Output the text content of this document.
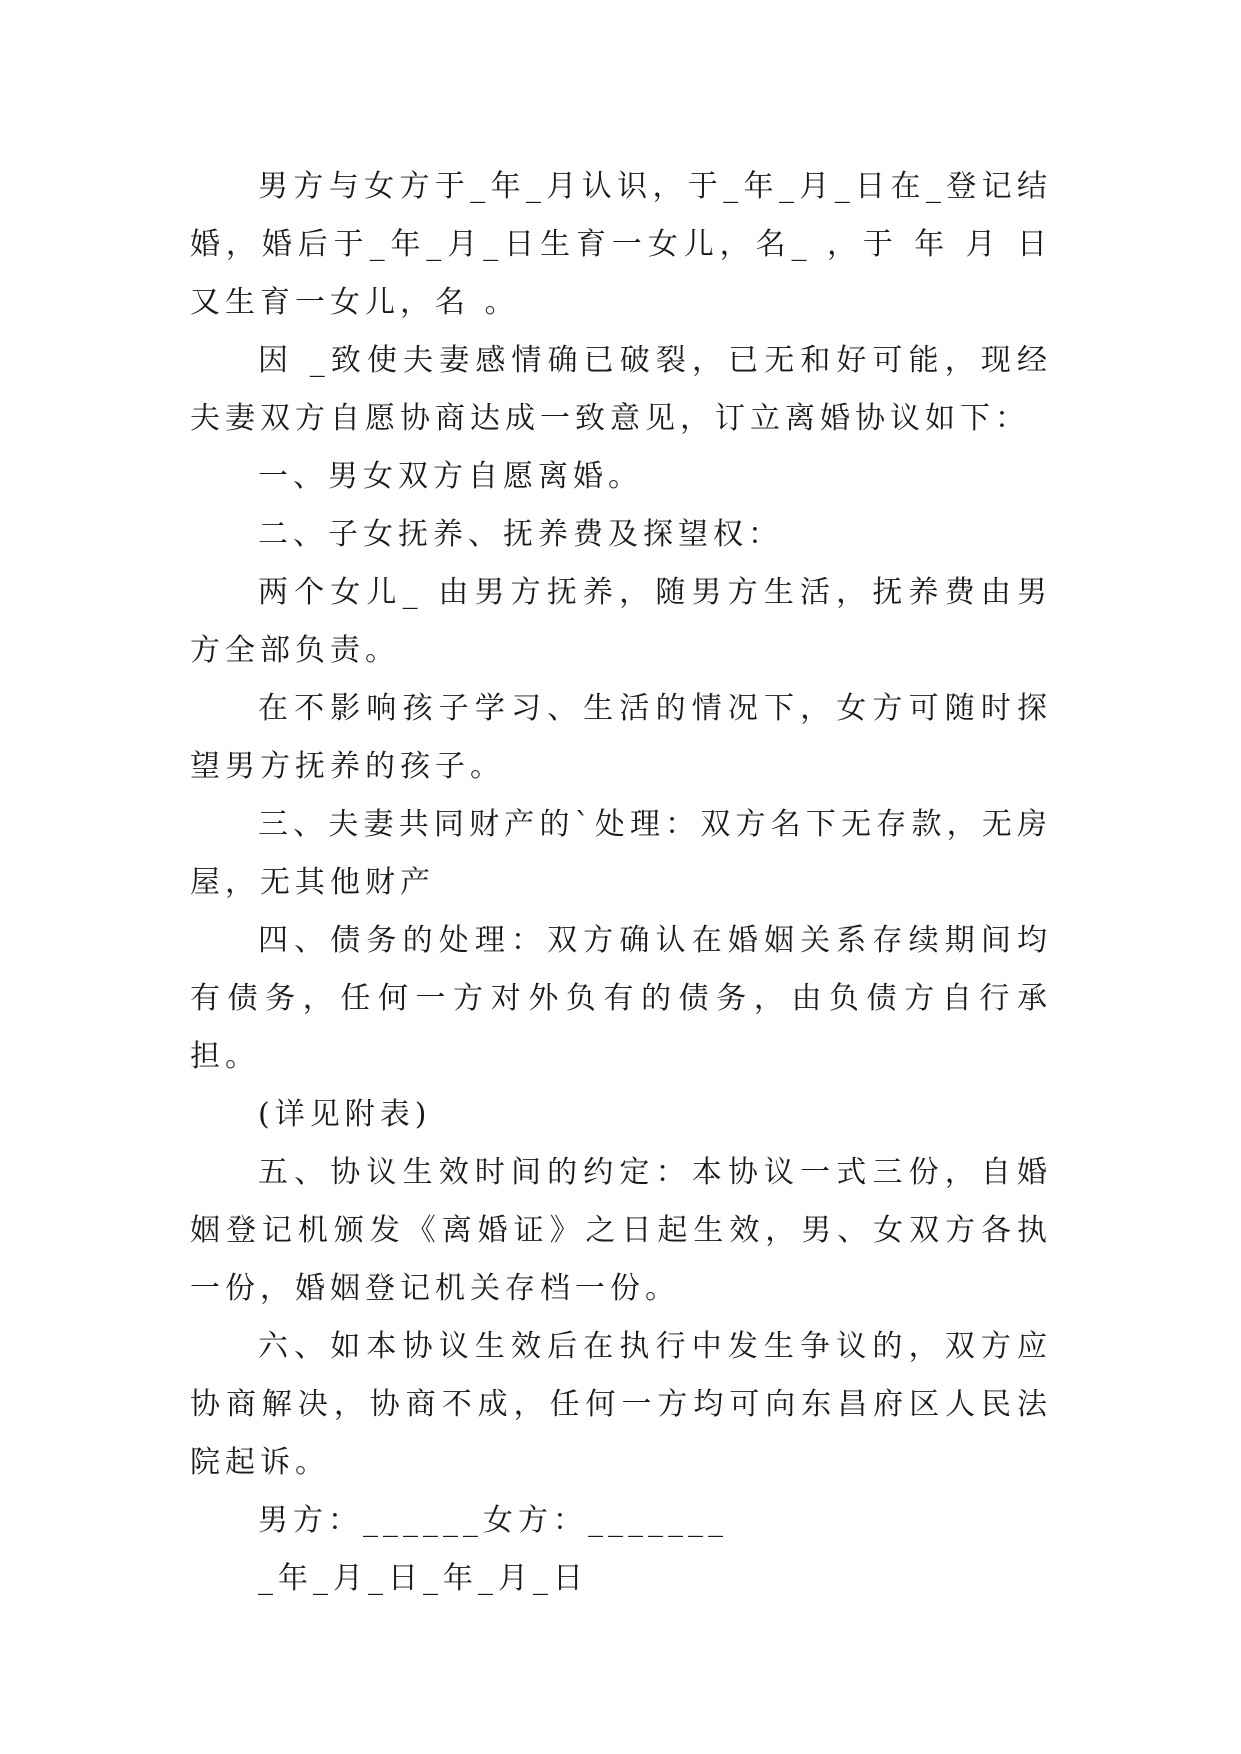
男方与女方于_年_月认识，于_年_月_日在_登记结婚，婚后于_年_月_日生育一女儿，名_ ，于 年 月 日 又生育一女儿，名 。

因 _致使夫妻感情确已破裂，已无和好可能，现经夫妻双方自愿协商达成一致意见，订立离婚协议如下：

一、男女双方自愿离婚。

二、子女抚养、抚养费及探望权：

两个女儿_ 由男方抚养，随男方生活，抚养费由男方全部负责。

在不影响孩子学习、生活的情况下，女方可随时探望男方抚养的孩子。

三、夫妻共同财产的`处理：双方名下无存款，无房屋，无其他财产

四、债务的处理：双方确认在婚姻关系存续期间均有债务，任何一方对外负有的债务，由负债方自行承担。

(详见附表)

五、协议生效时间的约定：本协议一式三份，自婚姻登记机颁发《离婚证》之日起生效，男、女双方各执一份，婚姻登记机关存档一份。

六、如本协议生效后在执行中发生争议的，双方应协商解决，协商不成，任何一方均可向东昌府区人民法院起诉。

男方：______女方：_______

_年_月_日_年_月_日
